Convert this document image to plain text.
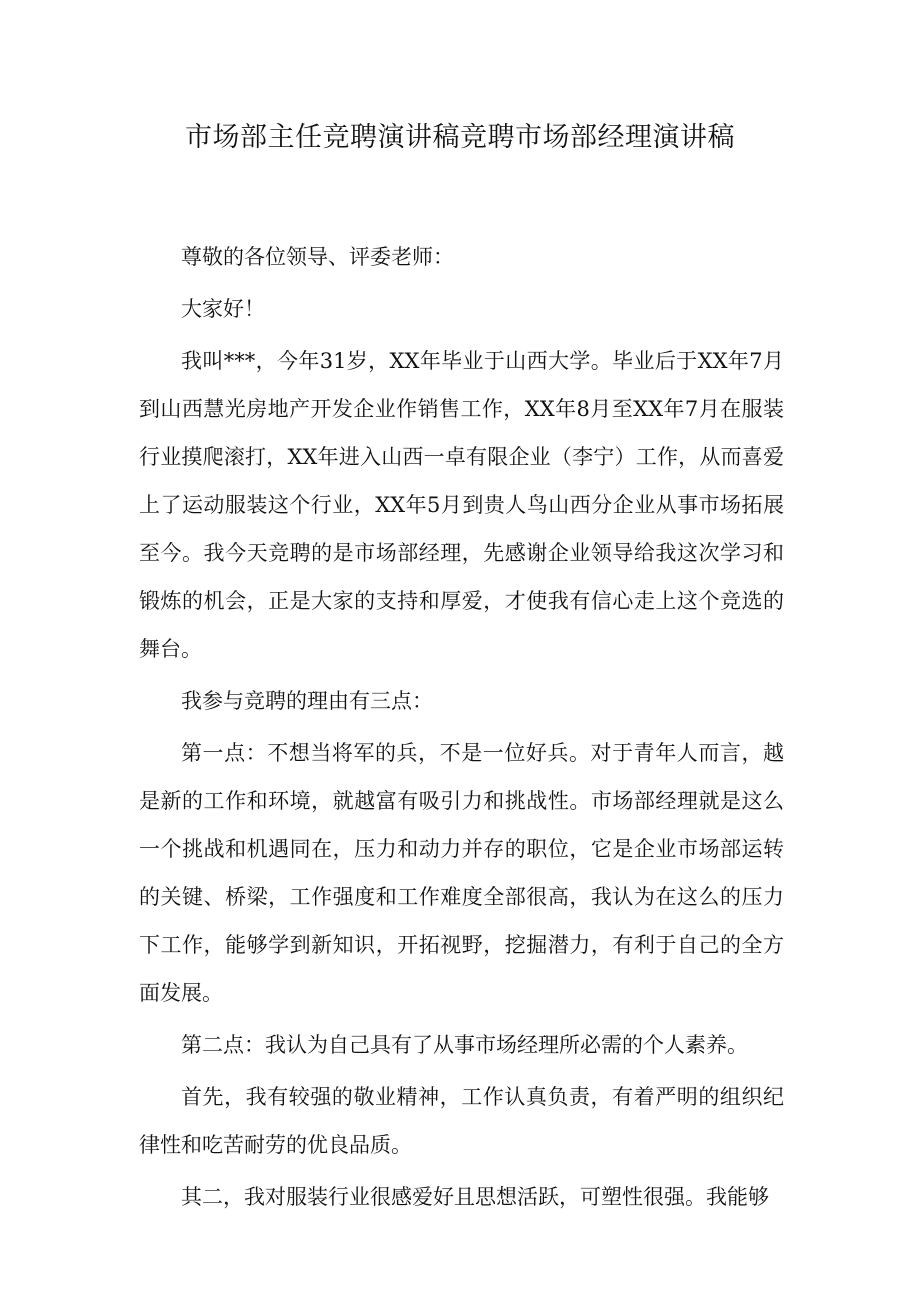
市场部主任竞聘演讲稿竞聘市场部经理演讲稿

尊敬的各位领导、评委老师：

大家好！

我叫***，今年31岁，XX年毕业于山西大学。毕业后于XX年7月到山西慧光房地产开发企业作销售工作，XX年8月至XX年7月在服装行业摸爬滚打，XX年进入山西一卓有限企业（李宁）工作，从而喜爱上了运动服装这个行业，XX年5月到贵人鸟山西分企业从事市场拓展至今。我今天竞聘的是市场部经理，先感谢企业领导给我这次学习和锻炼的机会，正是大家的支持和厚爱，才使我有信心走上这个竞选的舞台。

我参与竞聘的理由有三点：

第一点：不想当将军的兵，不是一位好兵。对于青年人而言，越是新的工作和环境，就越富有吸引力和挑战性。市场部经理就是这么一个挑战和机遇同在，压力和动力并存的职位，它是企业市场部运转的关键、桥梁，工作强度和工作难度全部很高，我认为在这么的压力下工作，能够学到新知识，开拓视野，挖掘潜力，有利于自己的全方面发展。

第二点：我认为自己具有了从事市场经理所必需的个人素养。

首先，我有较强的敬业精神，工作认真负责，有着严明的组织纪律性和吃苦耐劳的优良品质。

其二，我对服装行业很感爱好且思想活跃，可塑性很强。我能够
